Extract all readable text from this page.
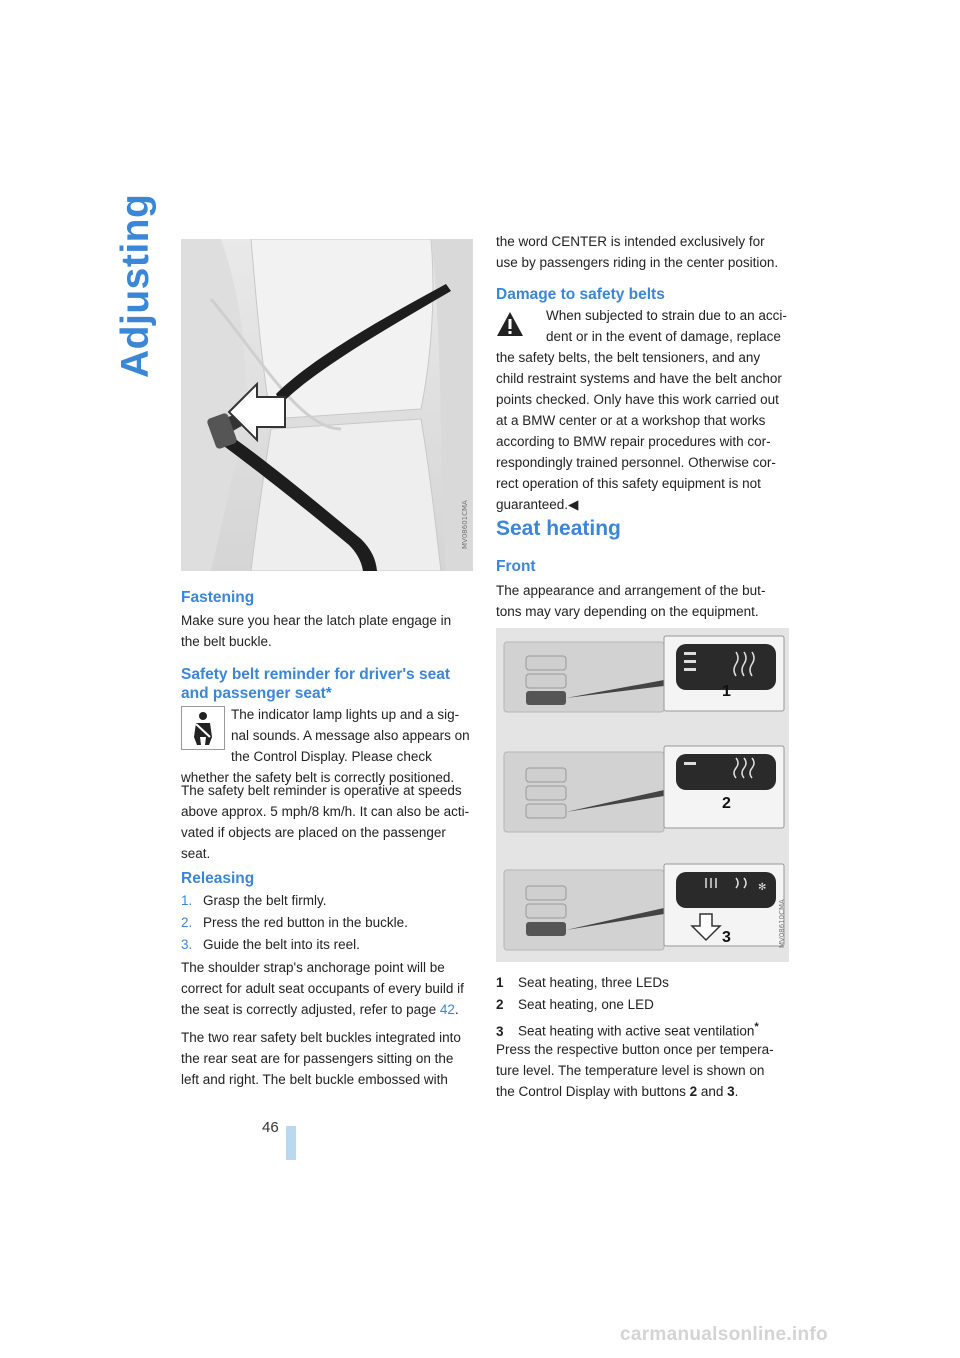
Adjusting
46
MV08601CMA
Fastening
Make sure you hear the latch plate engage in
the belt buckle.
Safety belt reminder for driver's seat
and passenger seat*
The indicator lamp lights up and a sig-
nal sounds. A message also appears on
the Control Display. Please check
whether the safety belt is correctly positioned.
The safety belt reminder is operative at speeds
above approx. 5 mph/8 km/h. It can also be acti-
vated if objects are placed on the passenger
seat.
Releasing
1. Grasp the belt firmly.
2. Press the red button in the buckle.
3. Guide the belt into its reel.
The shoulder strap's anchorage point will be
correct for adult seat occupants of every build if
the seat is correctly adjusted, refer to page 42.
The two rear safety belt buckles integrated into
the rear seat are for passengers sitting on the
left and right. The belt buckle embossed with
the word CENTER is intended exclusively for
use by passengers riding in the center position.
Damage to safety belts
When subjected to strain due to an acci-
dent or in the event of damage, replace
the safety belts, the belt tensioners, and any
child restraint systems and have the belt anchor
points checked. Only have this work carried out
at a BMW center or at a workshop that works
according to BMW repair procedures with cor-
respondingly trained personnel. Otherwise cor-
rect operation of this safety equipment is not
guaranteed.◀
Seat heating
Front
The appearance and arrangement of the but-
tons may vary depending on the equipment.
1
2
✻
3	MV08610CMA
1 Seat heating, three LEDs
2 Seat heating, one LED
3 Seat heating with active seat ventilation*
Press the respective button once per tempera-
ture level. The temperature level is shown on
the Control Display with buttons 2 and 3.
carmanualsonline.info
